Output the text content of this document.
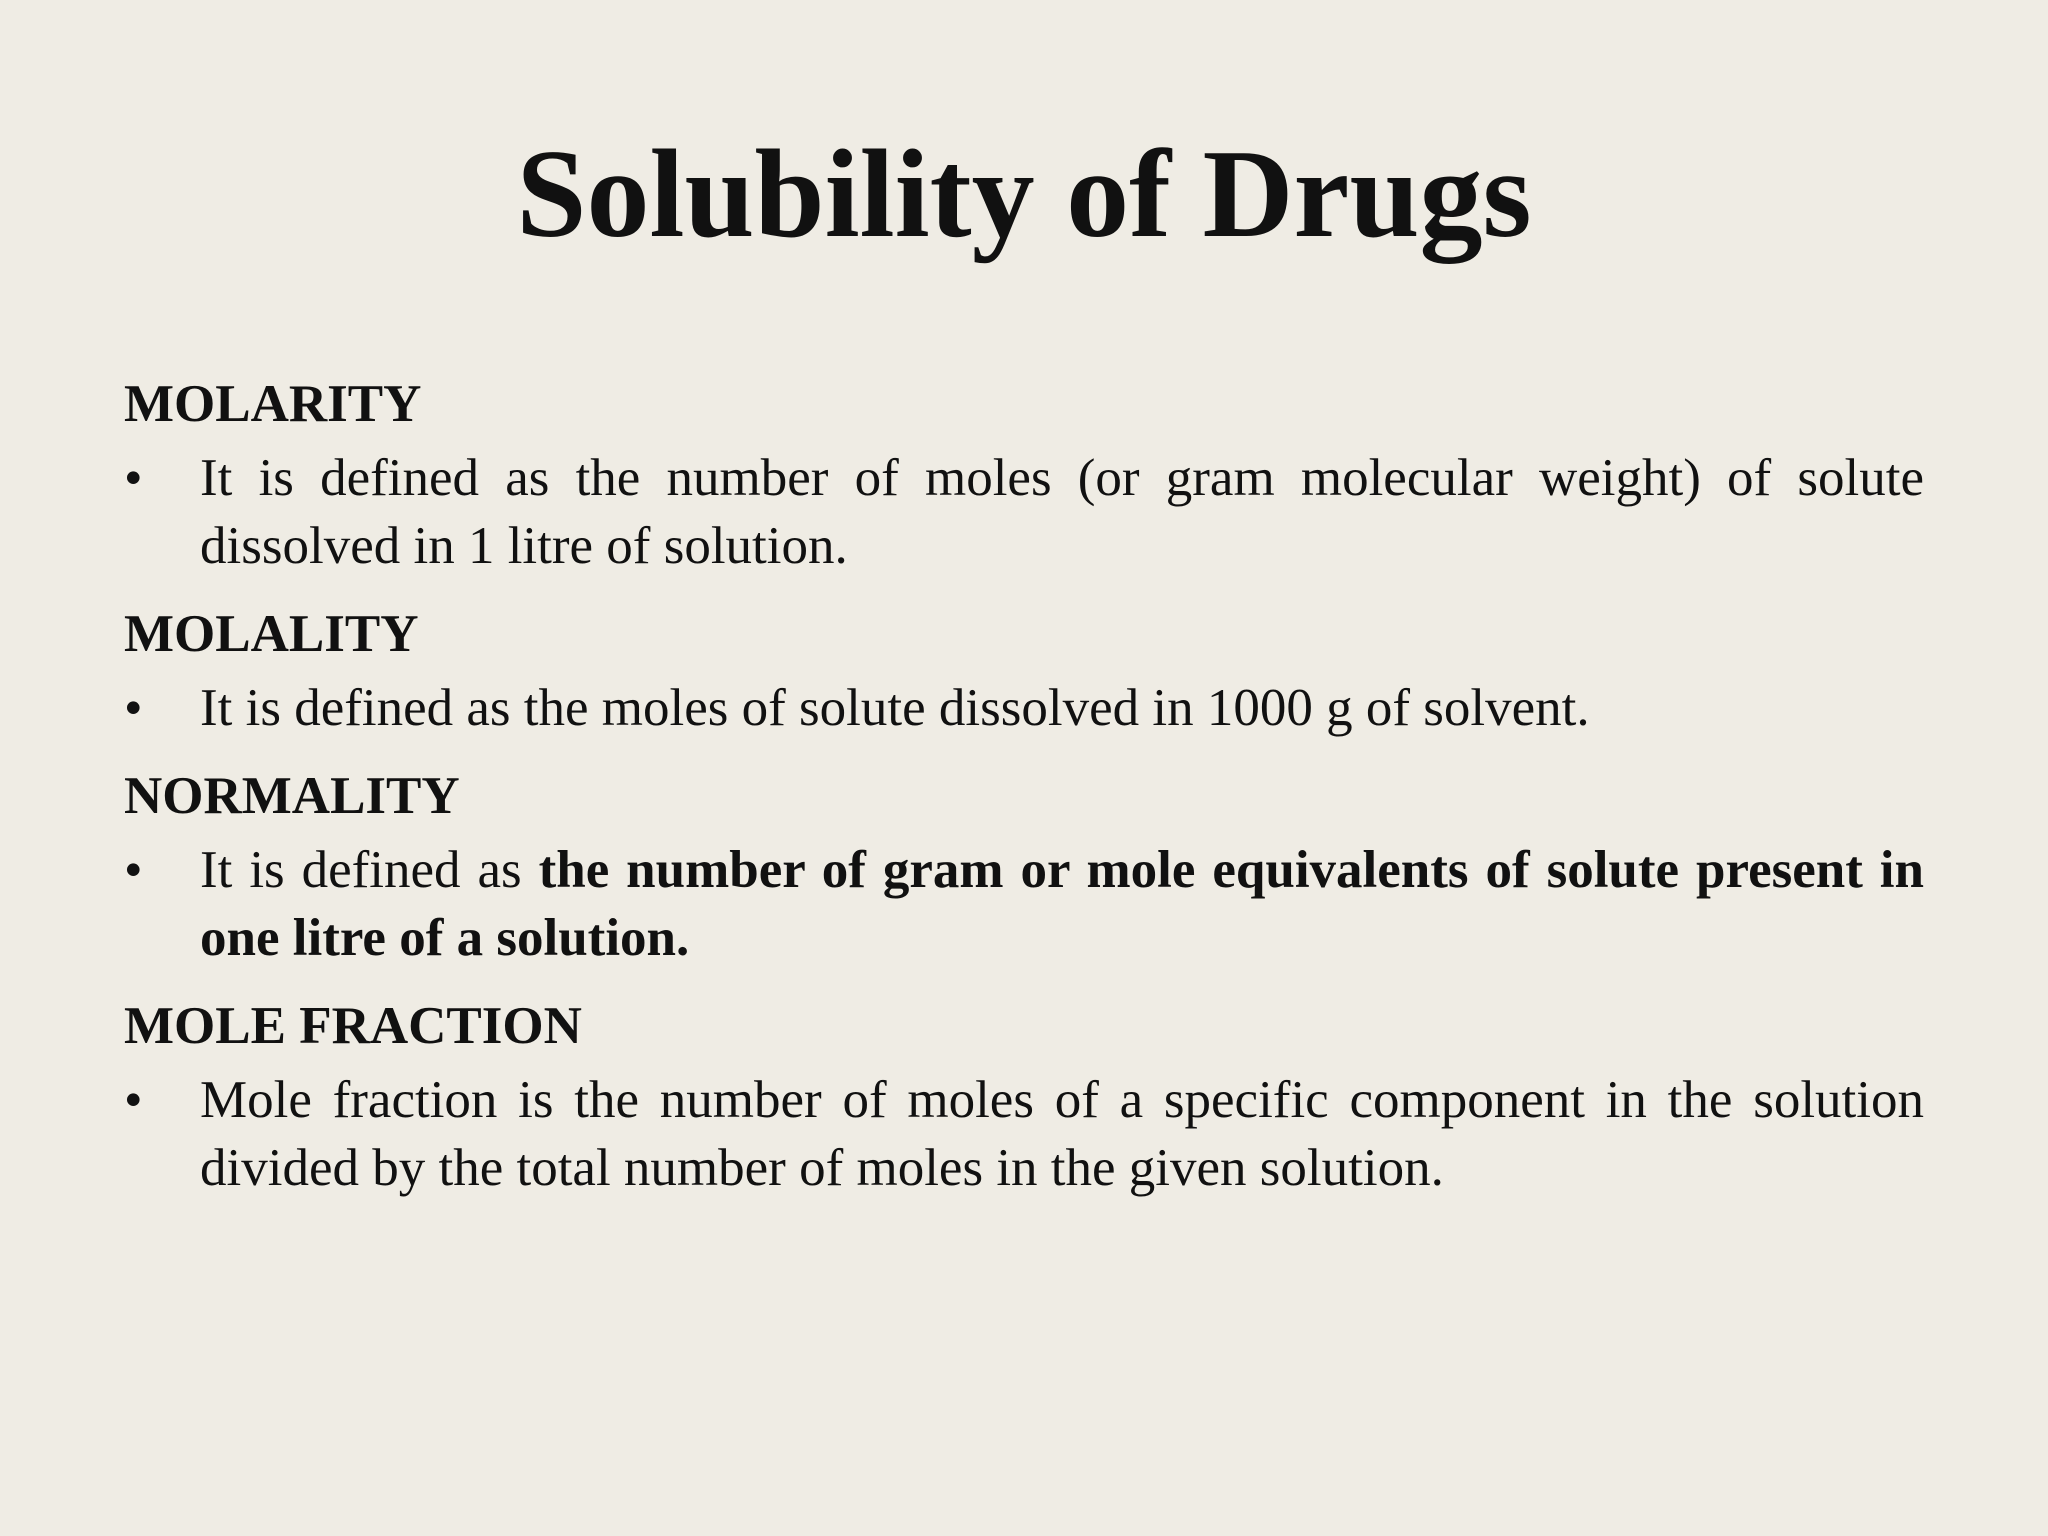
Solubility of Drugs
MOLARITY
• It is defined as the number of moles (or gram molecular weight) of solute dissolved in 1 litre of solution.
MOLALITY
• It is defined as the moles of solute dissolved in 1000 g of solvent.
NORMALITY
• It is defined as the number of gram or mole equivalents of solute present in one litre of a solution.
MOLE FRACTION
• Mole fraction is the number of moles of a specific component in the solution divided by the total number of moles in the given solution.
